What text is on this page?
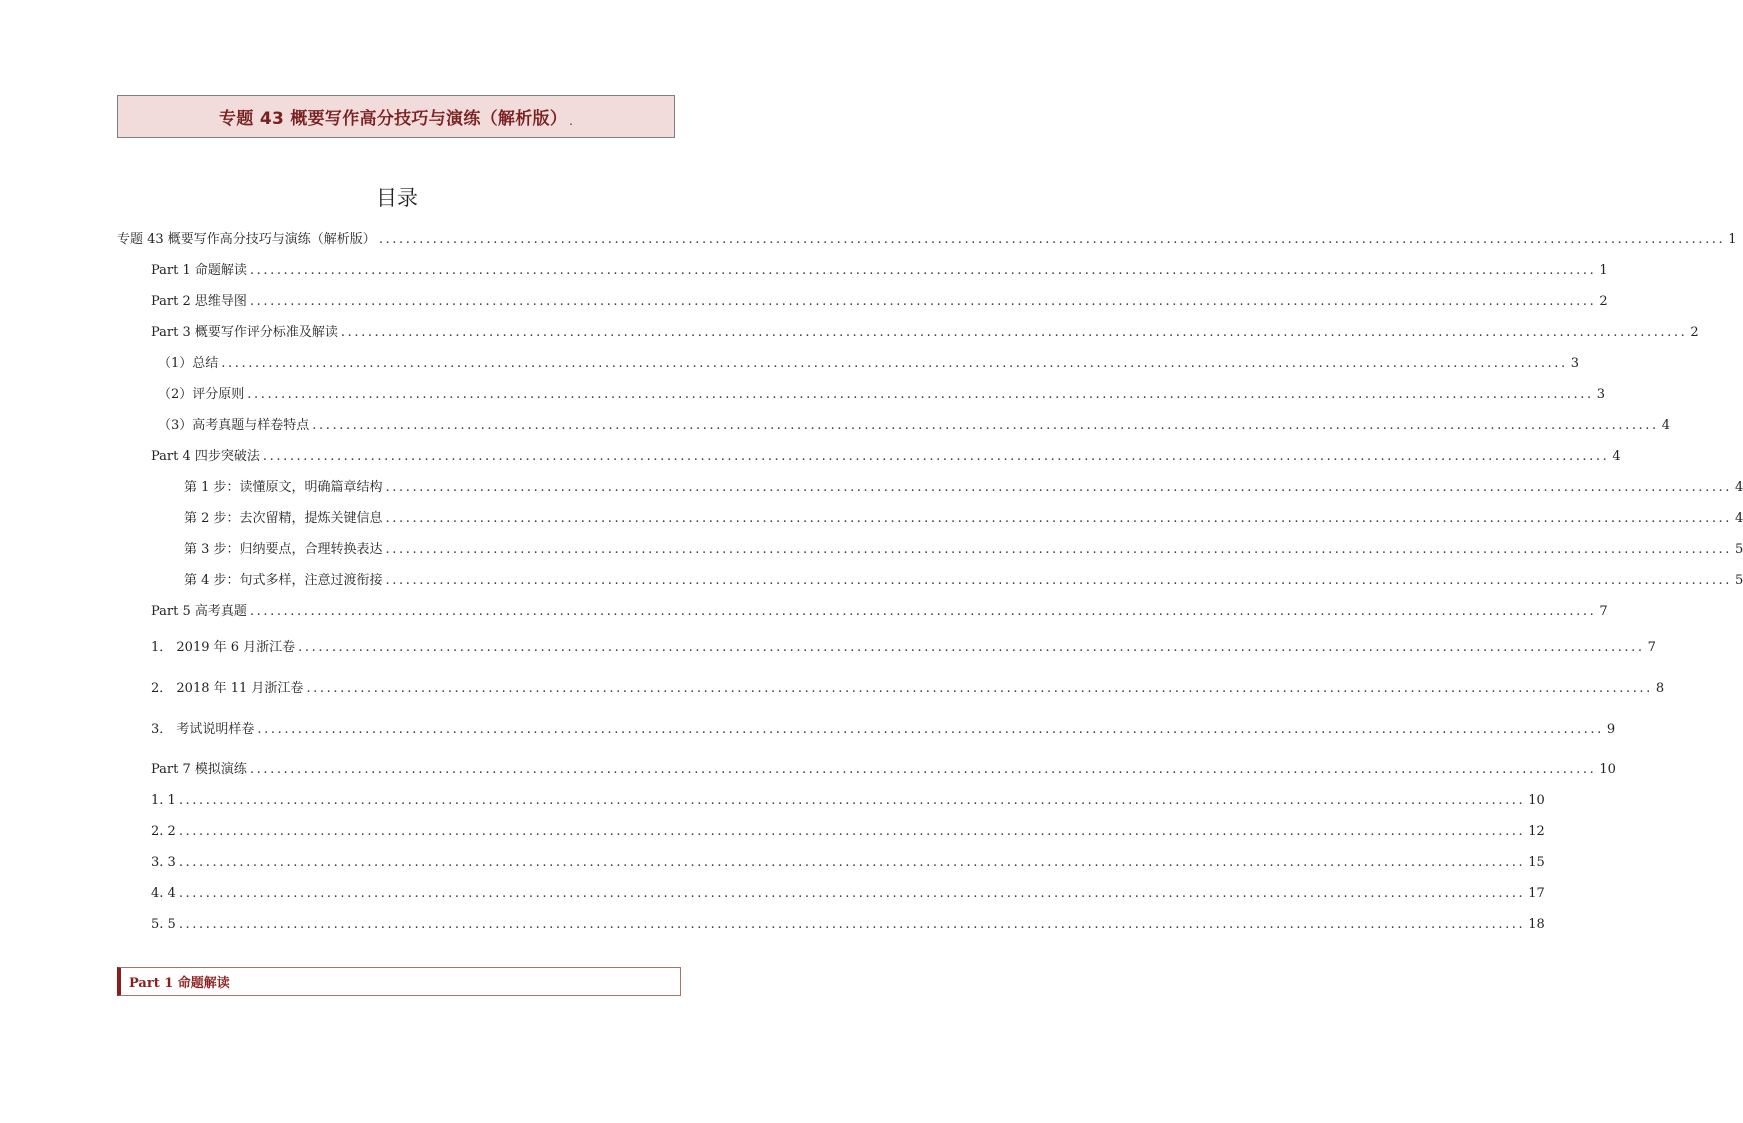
专题 43 概要写作高分技巧与演练（解析版） .
目录
专题 43 概要写作高分技巧与演练（解析版） ........................................................................................................................................................................................................ 1
Part 1 命题解读 ........................................................................................................................................................................................................ 1
Part 2 思维导图 ........................................................................................................................................................................................................ 2
Part 3 概要写作评分标准及解读 ........................................................................................................................................................................................................ 2
（1）总结 ........................................................................................................................................................................................................ 3
（2）评分原则 ........................................................................................................................................................................................................ 3
（3）高考真题与样卷特点 ........................................................................................................................................................................................................ 4
Part 4 四步突破法 ........................................................................................................................................................................................................ 4
第 1 步：读懂原文，明确篇章结构 ........................................................................................................................................................................................................ 4
第 2 步：去次留精，提炼关键信息 ........................................................................................................................................................................................................ 4
第 3 步：归纳要点，合理转换表达 ........................................................................................................................................................................................................ 5
第 4 步：句式多样，注意过渡衔接 ........................................................................................................................................................................................................ 5
Part 5 高考真题 ........................................................................................................................................................................................................ 7
1． 2019 年 6 月浙江卷 ........................................................................................................................................................................................................ 7
2． 2018 年 11 月浙江卷 ........................................................................................................................................................................................................ 8
3． 考试说明样卷 ........................................................................................................................................................................................................ 9
Part 7 模拟演练 ........................................................................................................................................................................................................ 10
1. 1 ........................................................................................................................................................................................................ 10
2. 2 ........................................................................................................................................................................................................ 12
3. 3 ........................................................................................................................................................................................................ 15
4. 4 ........................................................................................................................................................................................................ 17
5. 5 ........................................................................................................................................................................................................ 18
Part 1 命题解读
